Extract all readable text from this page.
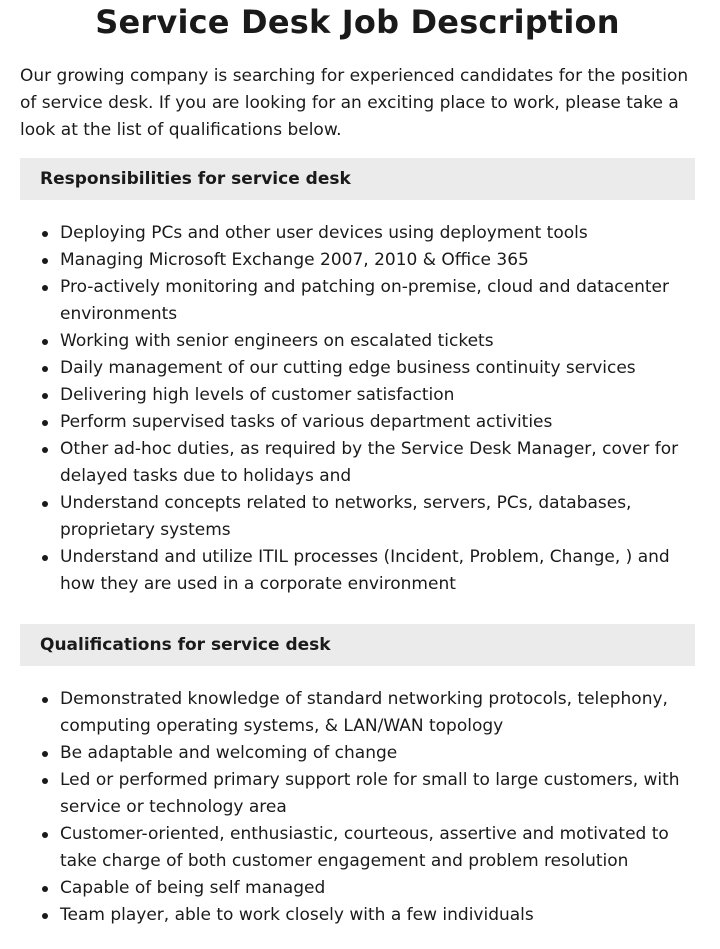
Service Desk Job Description

Our growing company is searching for experienced candidates for the position of service desk. If you are looking for an exciting place to work, please take a look at the list of qualifications below.

Responsibilities for service desk
Deploying PCs and other user devices using deployment tools
Managing Microsoft Exchange 2007, 2010 & Office 365
Pro-actively monitoring and patching on-premise, cloud and datacenter environments
Working with senior engineers on escalated tickets
Daily management of our cutting edge business continuity services
Delivering high levels of customer satisfaction
Perform supervised tasks of various department activities
Other ad-hoc duties, as required by the Service Desk Manager, cover for delayed tasks due to holidays and
Understand concepts related to networks, servers, PCs, databases, proprietary systems
Understand and utilize ITIL processes (Incident, Problem, Change, ) and how they are used in a corporate environment
Qualifications for service desk
Demonstrated knowledge of standard networking protocols, telephony, computing operating systems, & LAN/WAN topology
Be adaptable and welcoming of change
Led or performed primary support role for small to large customers, with service or technology area
Customer-oriented, enthusiastic, courteous, assertive and motivated to take charge of both customer engagement and problem resolution
Capable of being self managed
Team player, able to work closely with a few individuals
